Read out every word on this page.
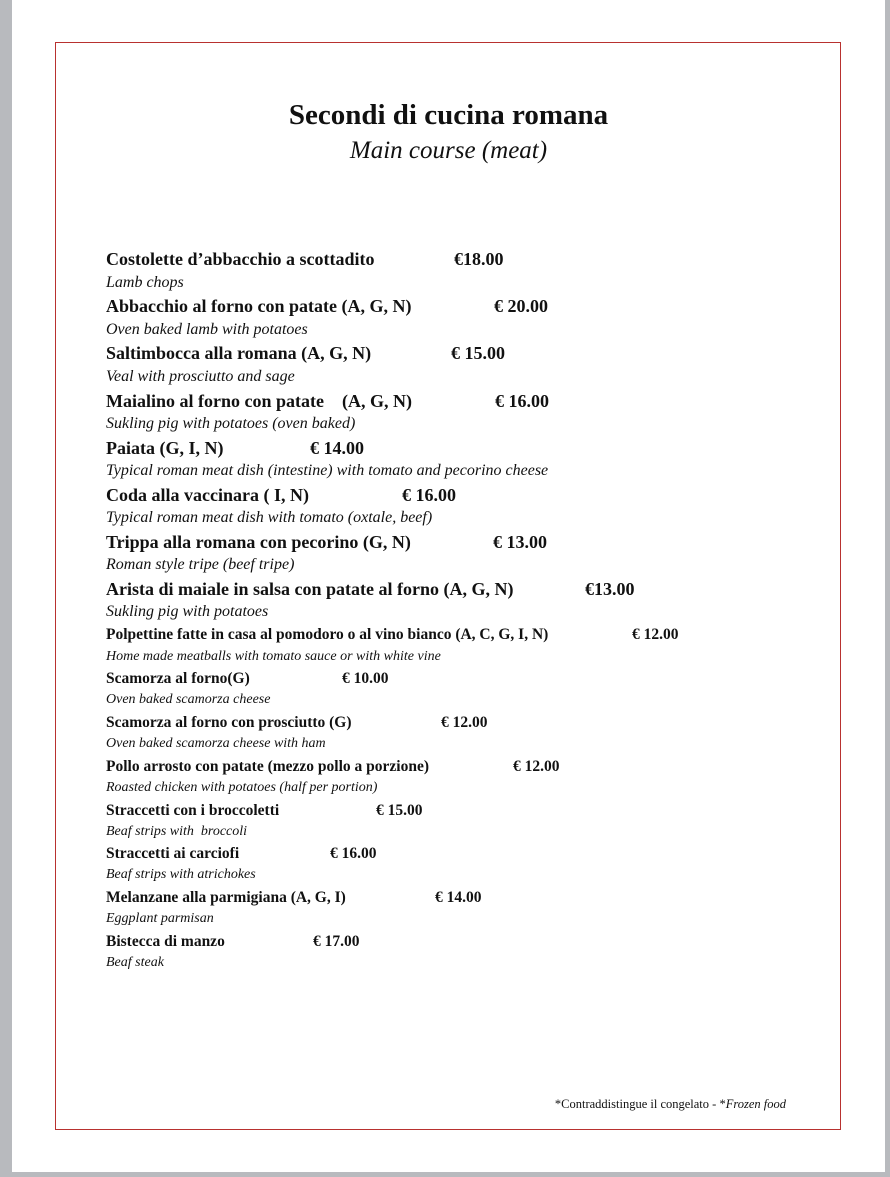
Secondi di cucina romana
Main course (meat)
Costolette d’abbacchio a scottadito	€18.00
Lamb chops
Abbacchio al forno con patate (A, G, N)	€ 20.00
Oven baked lamb with potatoes
Saltimbocca alla romana (A, G, N)	€ 15.00
Veal with prosciutto and sage
Maialino al forno con patate    (A, G, N)	€ 16.00
Sukling pig with potatoes (oven baked)
Paiata (G, I, N)	€ 14.00
Typical roman meat dish (intestine) with tomato and pecorino cheese
Coda alla vaccinara ( I, N)	€ 16.00
Typical roman meat dish with tomato (oxtale, beef)
Trippa alla romana con pecorino (G, N)	€ 13.00
Roman style tripe (beef tripe)
Arista di maiale in salsa con patate al forno (A, G, N)	€13.00
Sukling pig with potatoes
Polpettine fatte in casa al pomodoro o al vino bianco (A, C, G, I, N)	€ 12.00
Home made meatballs with tomato sauce or with white vine
Scamorza al forno(G)	€ 10.00
Oven baked scamorza cheese
Scamorza al forno con prosciutto (G)	€ 12.00
Oven baked scamorza cheese with ham
Pollo arrosto con patate (mezzo pollo a porzione)	€ 12.00
Roasted chicken with potatoes (half per portion)
Straccetti con i broccoletti	€ 15.00
Beaf strips with  broccoli
Straccetti ai carciofi	€ 16.00
Beaf strips with atrichokes
Melanzane alla parmigiana (A, G, I)	€ 14.00
Eggplant parmisan
Bistecca di manzo	€ 17.00
Beaf steak
*Contraddistingue il congelato - *Frozen food
